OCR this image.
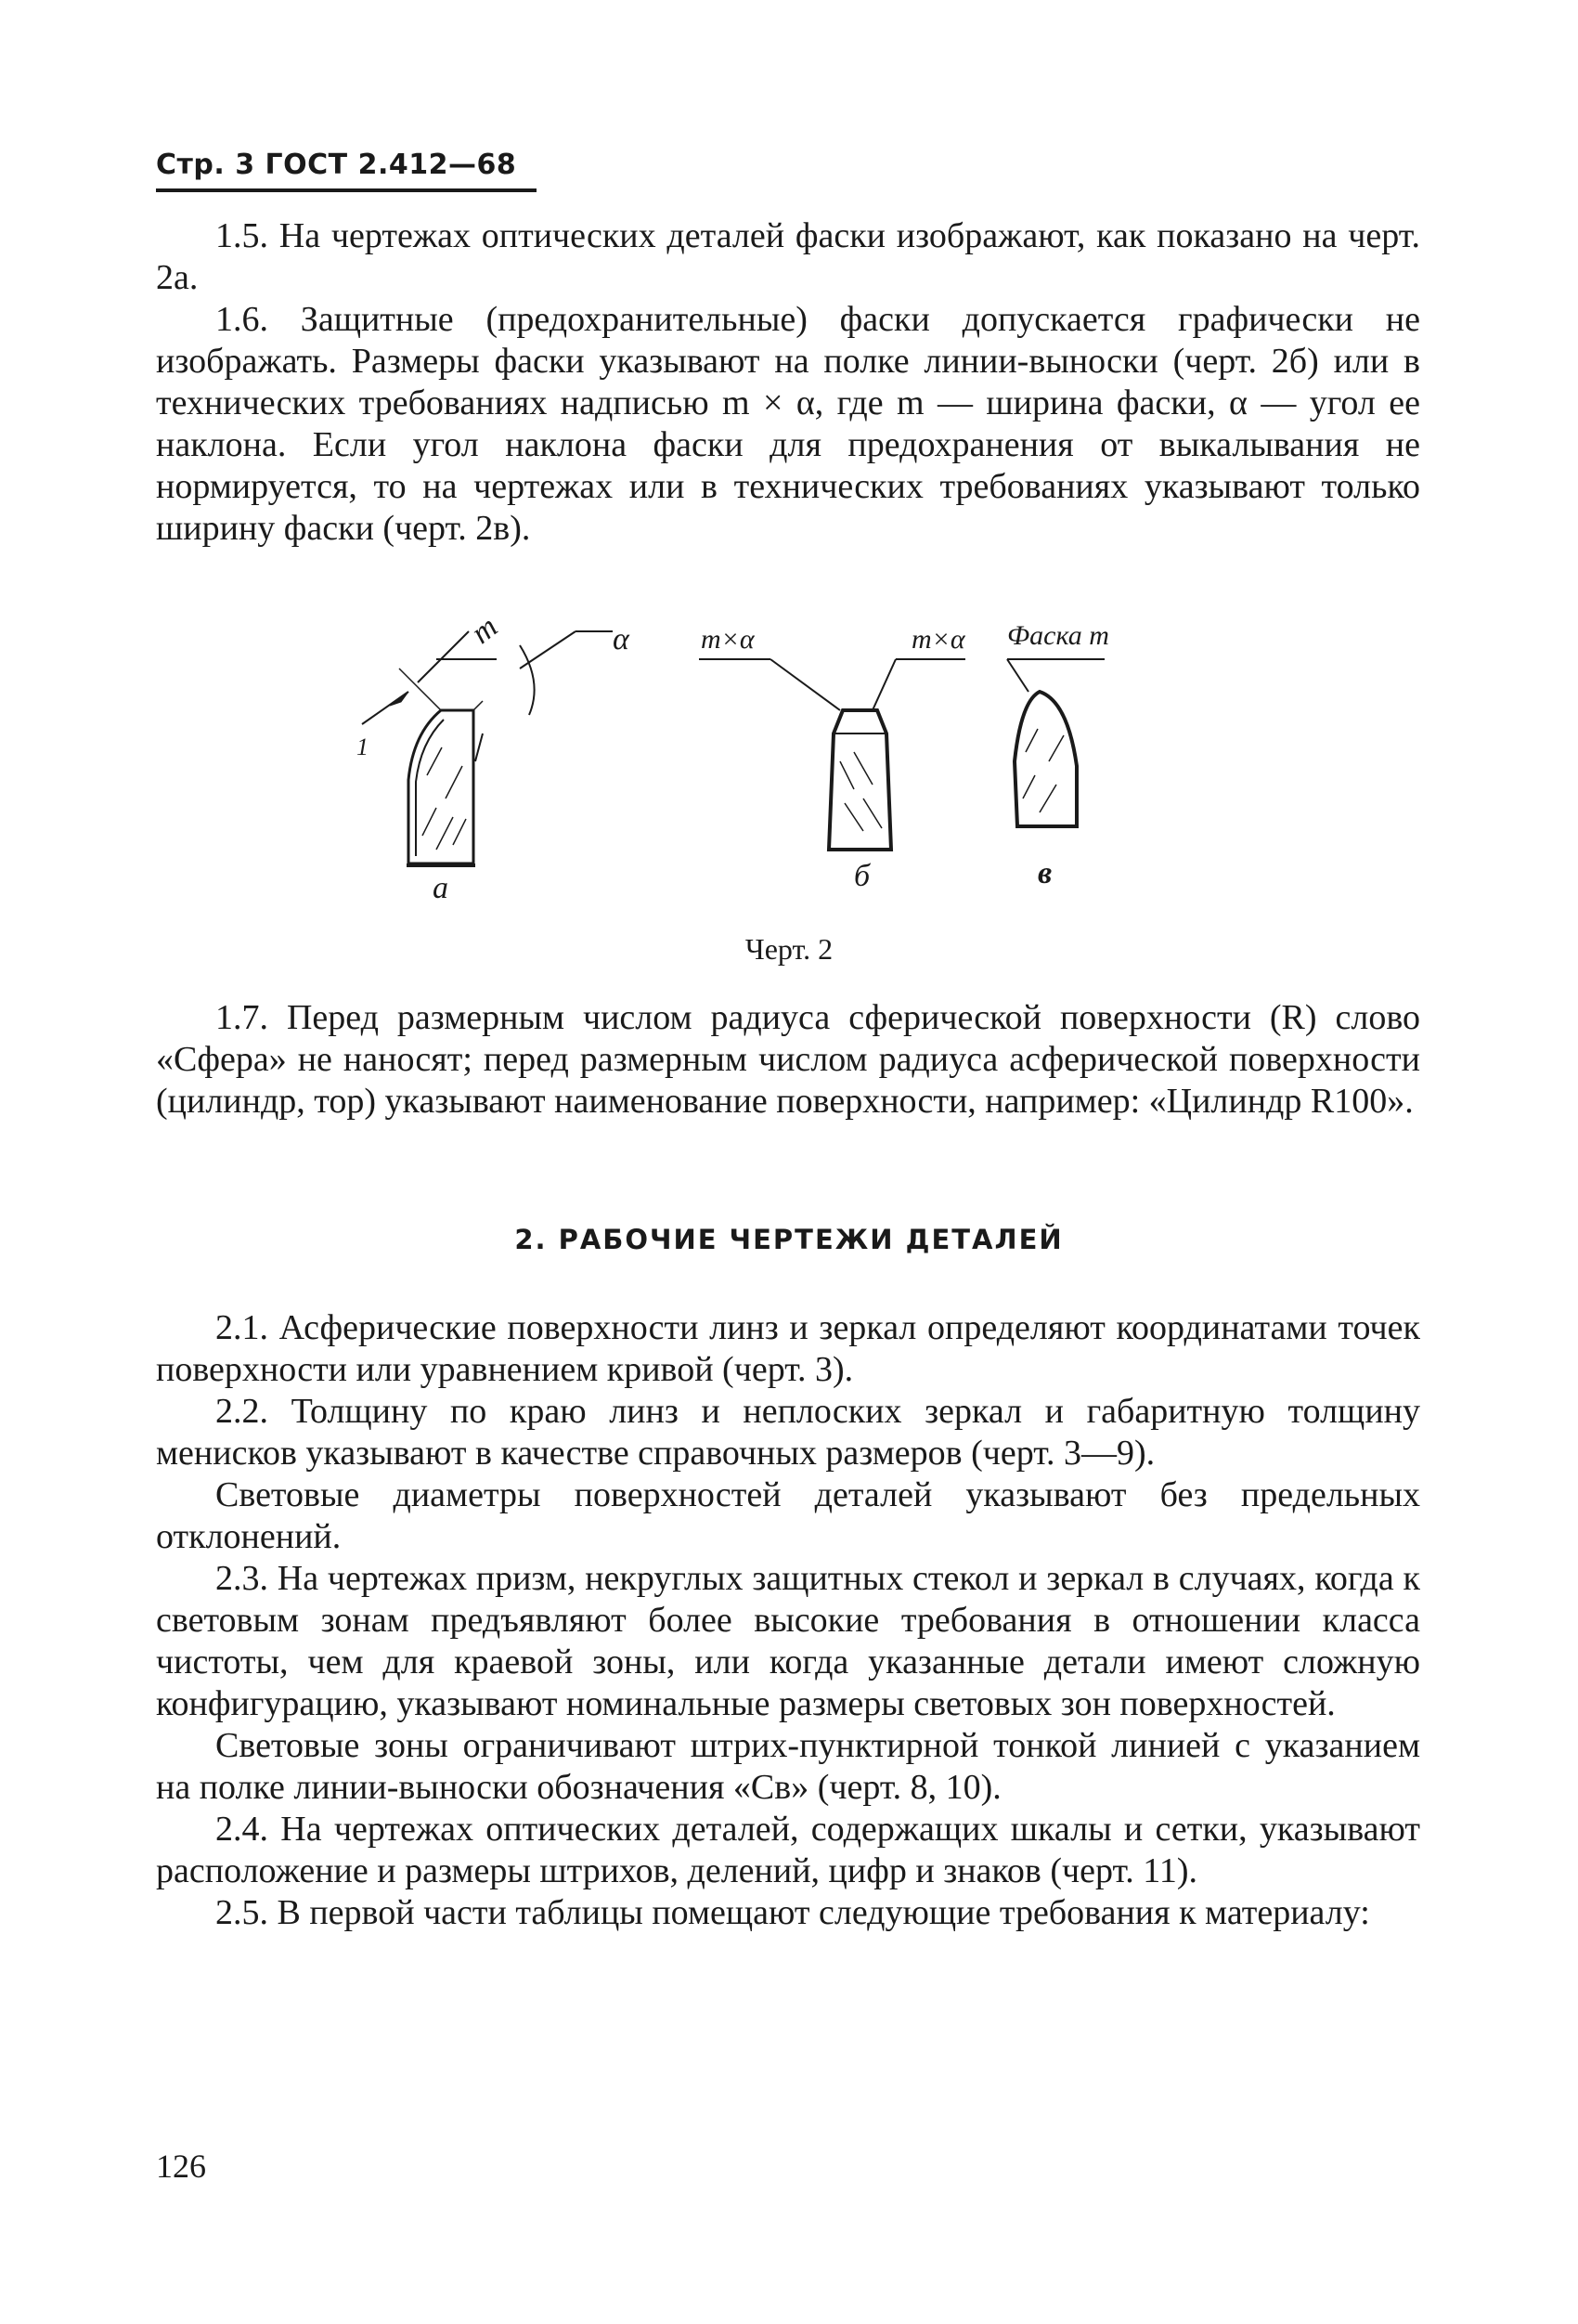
Стр. 3 ГОСТ 2.412—68

1.5. На чертежах оптических деталей фаски изображают, как показано на черт. 2а.

1.6. Защитные (предохранительные) фаски допускается графически не изображать. Размеры фаски указывают на полке линии-выноски (черт. 2б) или в технических требованиях надписью m × α, где m — ширина фаски, α — угол ее наклона. Если угол наклона фаски для предохранения от выкалывания не нормируется, то на чертежах или в технических требованиях указывают только ширину фаски (черт. 2в).

m	α
1
а
m×α	m×α
б
Фаска m
в
Черт. 2

1.7. Перед размерным числом радиуса сферической поверхности (R) слово «Сфера» не наносят; перед размерным числом радиуса асферической поверхности (цилиндр, тор) указывают наименование поверхности, например: «Цилиндр R100».

2. РАБОЧИЕ ЧЕРТЕЖИ ДЕТАЛЕЙ

2.1. Асферические поверхности линз и зеркал определяют координатами точек поверхности или уравнением кривой (черт. 3).

2.2. Толщину по краю линз и неплоских зеркал и габаритную толщину менисков указывают в качестве справочных размеров (черт. 3—9).

Световые диаметры поверхностей деталей указывают без предельных отклонений.

2.3. На чертежах призм, некруглых защитных стекол и зеркал в случаях, когда к световым зонам предъявляют более высокие требования в отношении класса чистоты, чем для краевой зоны, или когда указанные детали имеют сложную конфигурацию, указывают номинальные размеры световых зон поверхностей.

Световые зоны ограничивают штрих-пунктирной тонкой линией с указанием на полке линии-выноски обозначения «Св» (черт. 8, 10).

2.4. На чертежах оптических деталей, содержащих шкалы и сетки, указывают расположение и размеры штрихов, делений, цифр и знаков (черт. 11).

2.5. В первой части таблицы помещают следующие требования к материалу:

126
